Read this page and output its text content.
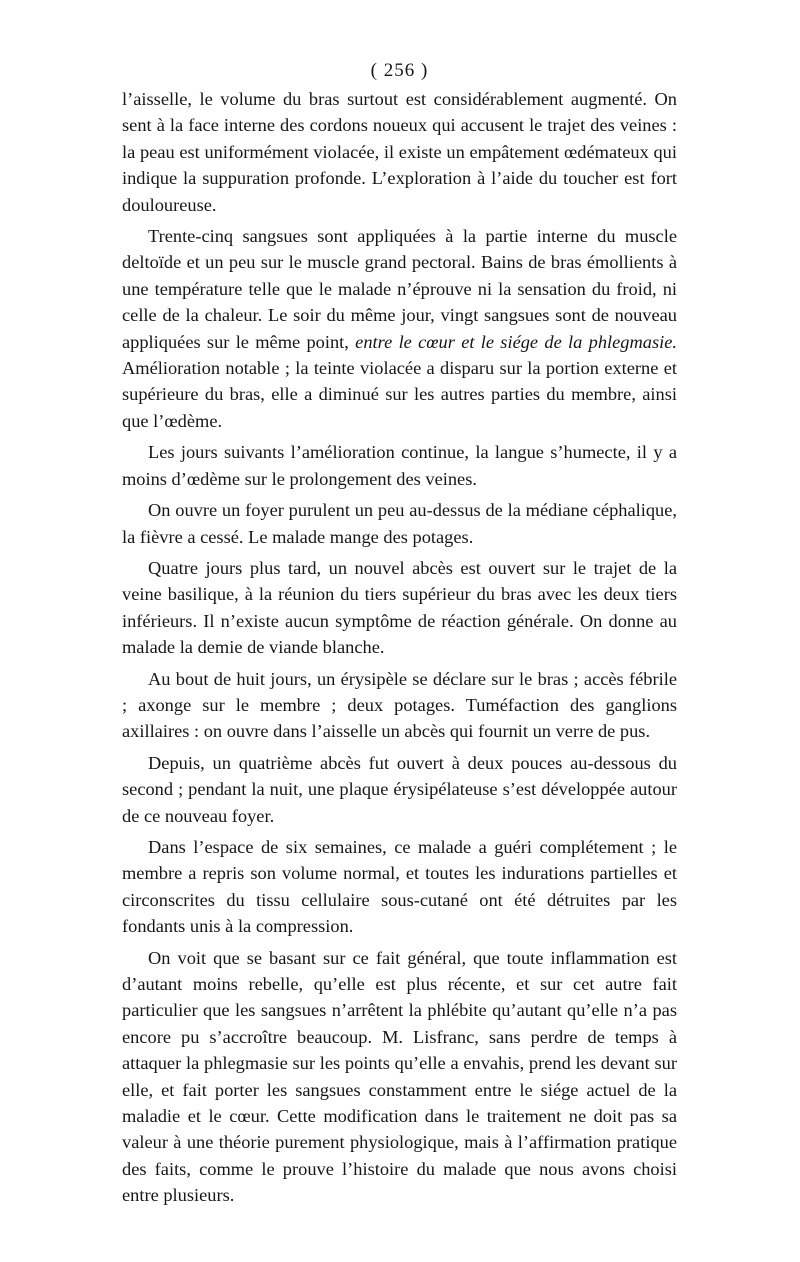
( 256 )

l’aisselle, le volume du bras surtout est considérablement augmenté. On sent à la face interne des cordons noueux qui accusent le trajet des veines : la peau est uniformément violacée, il existe un empâtement œdémateux qui indique la suppuration profonde. L’exploration à l’aide du toucher est fort douloureuse.

Trente-cinq sangsues sont appliquées à la partie interne du muscle deltoïde et un peu sur le muscle grand pectoral. Bains de bras émollients à une température telle que le malade n’éprouve ni la sensation du froid, ni celle de la chaleur. Le soir du même jour, vingt sangsues sont de nouveau appliquées sur le même point, entre le cœur et le siége de la phlegmasie. Amélioration notable ; la teinte violacée a disparu sur la portion externe et supérieure du bras, elle a diminué sur les autres parties du membre, ainsi que l’œdème.

Les jours suivants l’amélioration continue, la langue s’humecte, il y a moins d’œdème sur le prolongement des veines.

On ouvre un foyer purulent un peu au-dessus de la médiane céphalique, la fièvre a cessé. Le malade mange des potages.

Quatre jours plus tard, un nouvel abcès est ouvert sur le trajet de la veine basilique, à la réunion du tiers supérieur du bras avec les deux tiers inférieurs. Il n’existe aucun symptôme de réaction générale. On donne au malade la demie de viande blanche.

Au bout de huit jours, un érysipèle se déclare sur le bras ; accès fébrile ; axonge sur le membre ; deux potages. Tuméfaction des ganglions axillaires : on ouvre dans l’aisselle un abcès qui fournit un verre de pus.

Depuis, un quatrième abcès fut ouvert à deux pouces au-dessous du second ; pendant la nuit, une plaque érysipélateuse s’est développée autour de ce nouveau foyer.

Dans l’espace de six semaines, ce malade a guéri complétement ; le membre a repris son volume normal, et toutes les indurations partielles et circonscrites du tissu cellulaire sous-cutané ont été détruites par les fondants unis à la compression.

On voit que se basant sur ce fait général, que toute inflammation est d’autant moins rebelle, qu’elle est plus récente, et sur cet autre fait particulier que les sangsues n’arrêtent la phlébite qu’autant qu’elle n’a pas encore pu s’accroître beaucoup. M. Lisfranc, sans perdre de temps à attaquer la phlegmasie sur les points qu’elle a envahis, prend les devant sur elle, et fait porter les sangsues constamment entre le siége actuel de la maladie et le cœur. Cette modification dans le traitement ne doit pas sa valeur à une théorie purement physiologique, mais à l’affirmation pratique des faits, comme le prouve l’histoire du malade que nous avons choisi entre plusieurs.
